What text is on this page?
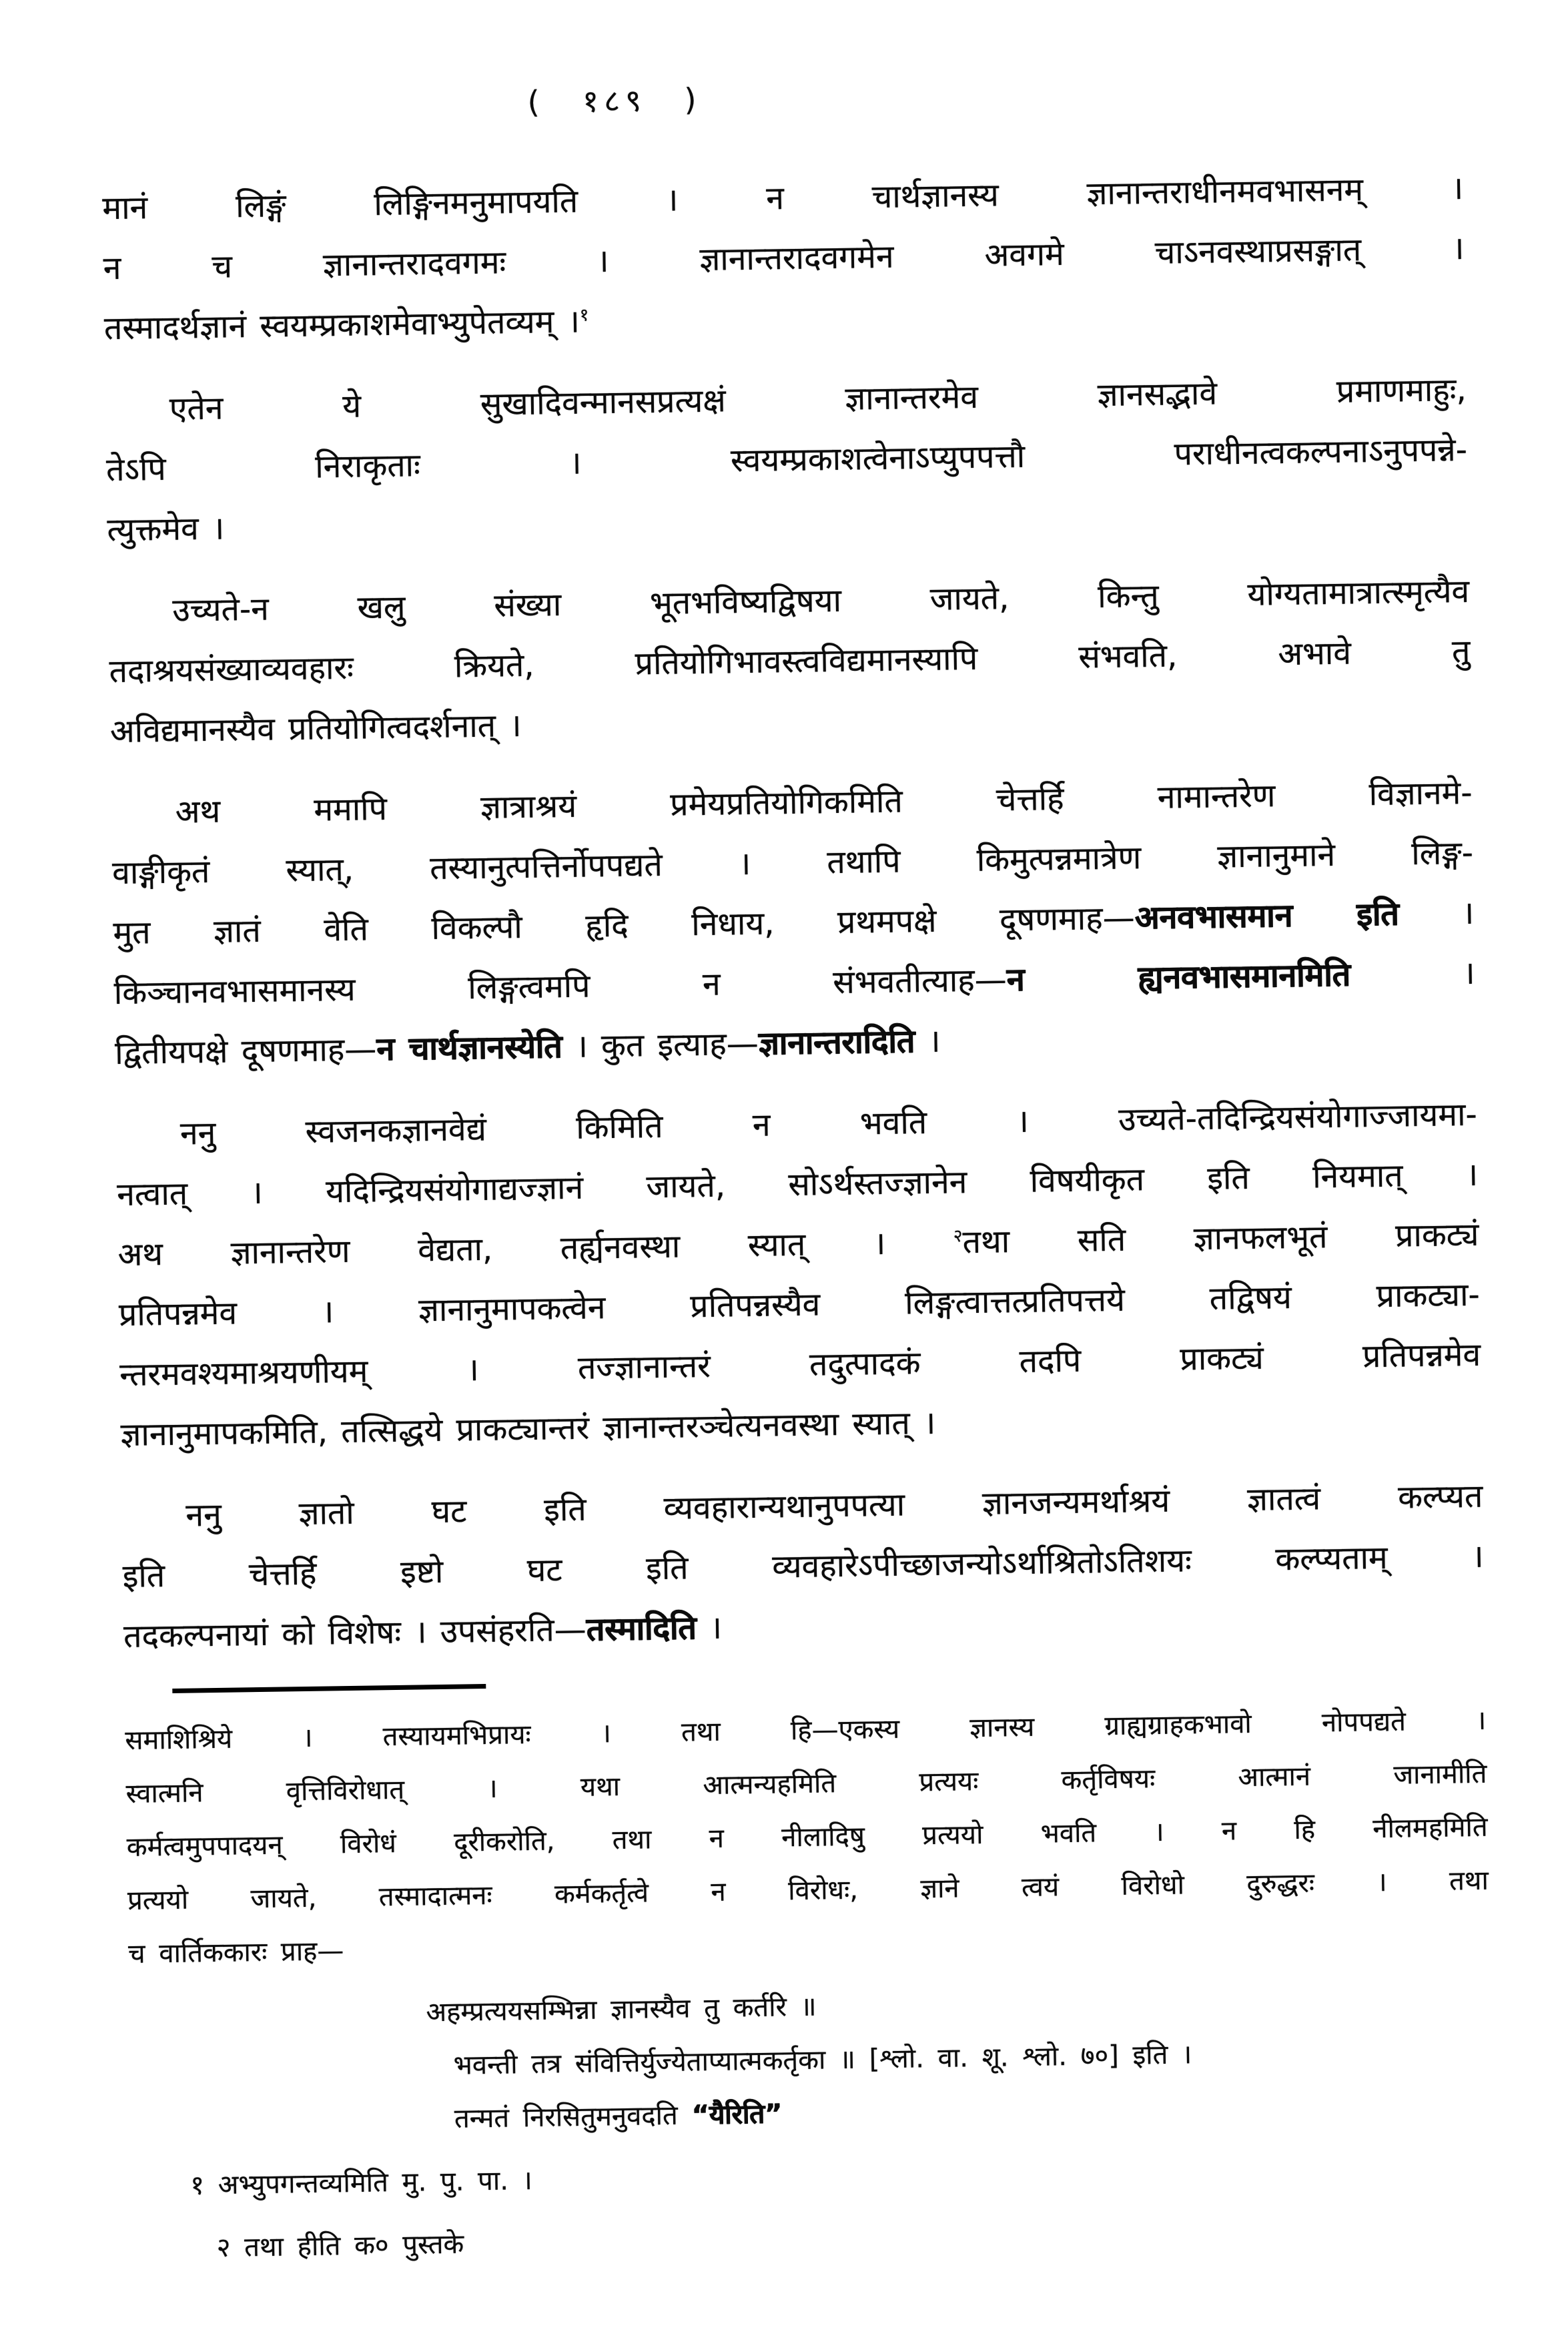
( १८९ )
मानं लिङ्गं लिङ्गिनमनुमापयति । न चार्थज्ञानस्य ज्ञानान्तराधीनमवभासनम् ।
न च ज्ञानान्तरादवगमः । ज्ञानान्तरादवगमेन अवगमे चाऽनवस्थाप्रसङ्गात् ।
तस्मादर्थज्ञानं स्वयम्प्रकाशमेवाभ्युपेतव्यम् ।$^१$
एतेन ये सुखादिवन्मानसप्रत्यक्षं ज्ञानान्तरमेव ज्ञानसद्भावे प्रमाणमाहुः,
तेऽपि निराकृताः । स्वयम्प्रकाशत्वेनाऽप्युपपत्तौ पराधीनत्वकल्पनाऽनुपपन्ने-
त्युक्तमेव ।
उच्यते-न खलु संख्या भूतभविष्यद्विषया जायते, किन्तु योग्यतामात्रात्स्मृत्यैव
तदाश्रयसंख्याव्यवहारः क्रियते, प्रतियोगिभावस्त्वविद्यमानस्यापि संभवति, अभावे तु
अविद्यमानस्यैव प्रतियोगित्वदर्शनात् ।
अथ ममापि ज्ञात्राश्रयं प्रमेयप्रतियोगिकमिति चेत्तर्हि नामान्तरेण विज्ञानमे-
वाङ्गीकृतं स्यात्, तस्यानुत्पत्तिर्नोपपद्यते । तथापि किमुत्पन्नमात्रेण ज्ञानानुमाने लिङ्ग-
मुत ज्ञातं वेति विकल्पौ हृदि निधाय, प्रथमपक्षे दूषणमाह—अनवभासमान इति ।
किञ्चानवभासमानस्य लिङ्गत्वमपि न संभवतीत्याह—न ह्यनवभासमानमिति ।
द्वितीयपक्षे दूषणमाह—न चार्थज्ञानस्येति । कुत इत्याह—ज्ञानान्तरादिति ।
ननु स्वजनकज्ञानवेद्यं किमिति न भवति । उच्यते-तदिन्द्रियसंयोगाज्जायमा-
नत्वात् । यदिन्द्रियसंयोगाद्यज्ज्ञानं जायते, सोऽर्थस्तज्ज्ञानेन विषयीकृत इति नियमात् ।
अथ ज्ञानान्तरेण वेद्यता, तर्ह्यनवस्था स्यात् । $^२$तथा सति ज्ञानफलभूतं प्राकट्यं
प्रतिपन्नमेव । ज्ञानानुमापकत्वेन प्रतिपन्नस्यैव लिङ्गत्वात्तत्प्रतिपत्तये तद्विषयं प्राकट्या-
न्तरमवश्यमाश्रयणीयम् । तज्ज्ञानान्तरं तदुत्पादकं तदपि प्राकट्यं प्रतिपन्नमेव
ज्ञानानुमापकमिति, तत्सिद्धये प्राकट्यान्तरं ज्ञानान्तरञ्चेत्यनवस्था स्यात् ।
ननु ज्ञातो घट इति व्यवहारान्यथानुपपत्या ज्ञानजन्यमर्थाश्रयं ज्ञातत्वं कल्प्यत
इति चेत्तर्हि इष्टो घट इति व्यवहारेऽपीच्छाजन्योऽर्थाश्रितोऽतिशयः कल्प्यताम् ।
तदकल्पनायां को विशेषः । उपसंहरति—तस्मादिति ।
समाशिश्रिये । तस्यायमभिप्रायः । तथा हि—एकस्य ज्ञानस्य ग्राह्यग्राहकभावो नोपपद्यते ।
स्वात्मनि वृत्तिविरोधात् । यथा आत्मन्यहमिति प्रत्ययः कर्तृविषयः आत्मानं जानामीति
कर्मत्वमुपपादयन् विरोधं दूरीकरोति, तथा न नीलादिषु प्रत्ययो भवति । न हि नीलमहमिति
प्रत्ययो जायते, तस्मादात्मनः कर्मकर्तृत्वे न विरोधः, ज्ञाने त्वयं विरोधो दुरुद्धरः । तथा
च वार्तिककारः प्राह—
अहम्प्रत्ययसम्भिन्ना ज्ञानस्यैव तु कर्तरि ॥
भवन्ती तत्र संवित्तिर्युज्येताप्यात्मकर्तृका ॥ [श्लो. वा. शू. श्लो. ७०] इति ।
तन्मतं निरसितुमनुवदति “यैरिति”
१ अभ्युपगन्तव्यमिति मु. पु. पा. ।
२ तथा हीति क० पुस्तके
